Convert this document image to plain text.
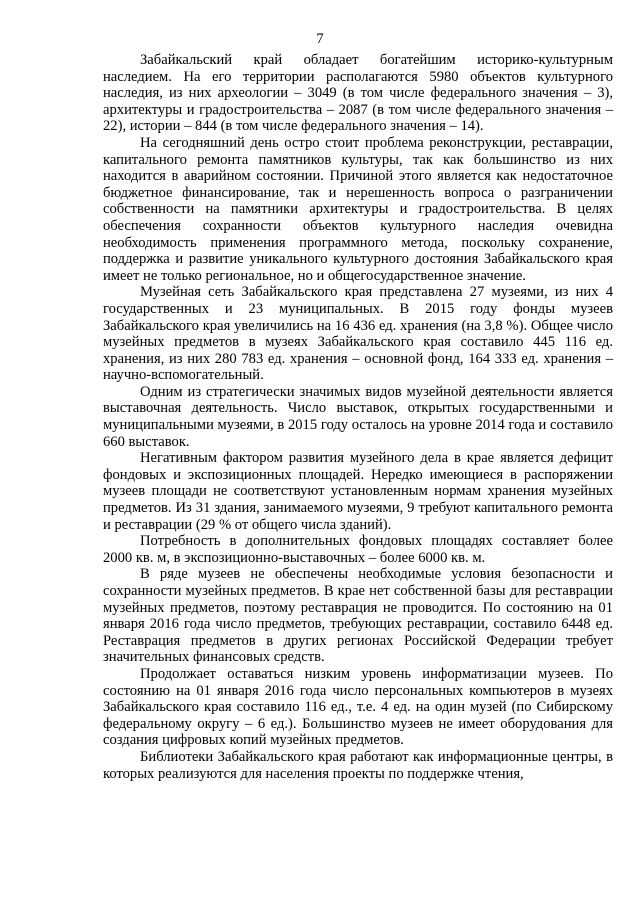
7

Забайкальский край обладает богатейшим историко-культурным наследием. На его территории располагаются 5980 объектов культурного наследия, из них археологии – 3049 (в том числе федерального значения – 3), архитектуры и градостроительства – 2087 (в том числе федерального значения – 22), истории – 844 (в том числе федерального значения – 14).

На сегодняшний день остро стоит проблема реконструкции, реставрации, капитального ремонта памятников культуры, так как большинство из них находится в аварийном состоянии. Причиной этого является как недостаточное бюджетное финансирование, так и нерешенность вопроса о разграничении собственности на памятники архитектуры и градостроительства. В целях обеспечения сохранности объектов культурного наследия очевидна необходимость применения программного метода, поскольку сохранение, поддержка и развитие уникального культурного достояния Забайкальского края имеет не только региональное, но и общегосударственное значение.

Музейная сеть Забайкальского края представлена 27 музеями, из них 4 государственных и 23 муниципальных. В 2015 году фонды музеев Забайкальского края увеличились на 16 436 ед. хранения (на 3,8 %). Общее число музейных предметов в музеях Забайкальского края составило 445 116 ед. хранения, из них 280 783 ед. хранения – основной фонд, 164 333 ед. хранения – научно-вспомогательный.

Одним из стратегически значимых видов музейной деятельности является выставочная деятельность. Число выставок, открытых государственными и муниципальными музеями, в 2015 году осталось на уровне 2014 года и составило 660 выставок.

Негативным фактором развития музейного дела в крае является дефицит фондовых и экспозиционных площадей. Нередко имеющиеся в распоряжении музеев площади не соответствуют установленным нормам хранения музейных предметов. Из 31 здания, занимаемого музеями, 9 требуют капитального ремонта и реставрации (29 % от общего числа зданий).

Потребность в дополнительных фондовых площадях составляет более 2000 кв. м, в экспозиционно-выставочных – более 6000 кв. м.

В ряде музеев не обеспечены необходимые условия безопасности и сохранности музейных предметов. В крае нет собственной базы для реставрации музейных предметов, поэтому реставрация не проводится. По состоянию на 01 января 2016 года число предметов, требующих реставрации, составило 6448 ед. Реставрация предметов в других регионах Российской Федерации требует значительных финансовых средств.

Продолжает оставаться низким уровень информатизации музеев. По состоянию на 01 января 2016 года число персональных компьютеров в музеях Забайкальского края составило 116 ед., т.е. 4 ед. на один музей (по Сибирскому федеральному округу – 6 ед.). Большинство музеев не имеет оборудования для создания цифровых копий музейных предметов.

Библиотеки Забайкальского края работают как информационные центры, в которых реализуются для населения проекты по поддержке чтения,
